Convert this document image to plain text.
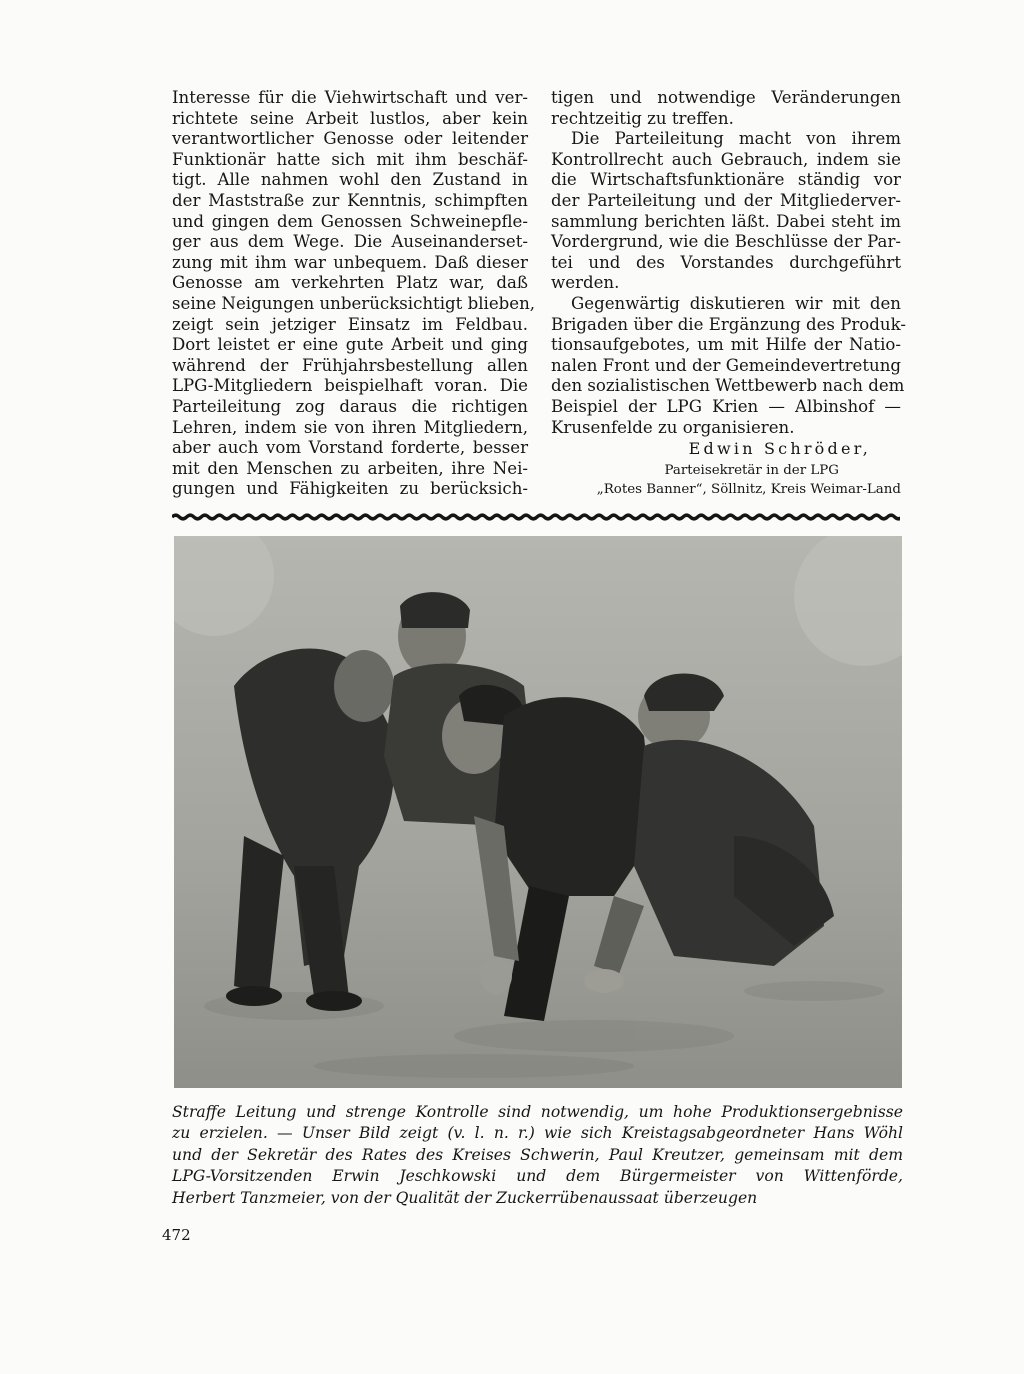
Interesse für die Viehwirtschaft und ver-
richtete seine Arbeit lustlos, aber kein
verantwortlicher Genosse oder leitender
Funktionär hatte sich mit ihm beschäf-
tigt. Alle nahmen wohl den Zustand in
der Maststraße zur Kenntnis, schimpften
und gingen dem Genossen Schweinepfle-
ger aus dem Wege. Die Auseinanderset-
zung mit ihm war unbequem. Daß dieser
Genosse am verkehrten Platz war, daß
seine Neigungen unberücksichtigt blieben,
zeigt sein jetziger Einsatz im Feldbau.
Dort leistet er eine gute Arbeit und ging
während der Frühjahrsbestellung allen
LPG-Mitgliedern beispielhaft voran. Die
Parteileitung zog daraus die richtigen
Lehren, indem sie von ihren Mitgliedern,
aber auch vom Vorstand forderte, besser
mit den Menschen zu arbeiten, ihre Nei-
gungen und Fähigkeiten zu berücksich-
tigen und notwendige Veränderungen
rechtzeitig zu treffen.
Die Parteileitung macht von ihrem
Kontrollrecht auch Gebrauch, indem sie
die Wirtschaftsfunktionäre ständig vor
der Parteileitung und der Mitgliederver-
sammlung berichten läßt. Dabei steht im
Vordergrund, wie die Beschlüsse der Par-
tei und des Vorstandes durchgeführt
werden.
Gegenwärtig diskutieren wir mit den
Brigaden über die Ergänzung des Produk-
tionsaufgebotes, um mit Hilfe der Natio-
nalen Front und der Gemeindevertretung
den sozialistischen Wettbewerb nach dem
Beispiel der LPG Krien — Albinshof —
Krusenfelde zu organisieren.
Edwin Schröder,
Parteisekretär in der LPG
„Rotes Banner“, Söllnitz, Kreis Weimar-Land
Straffe Leitung und strenge Kontrolle sind notwendig, um hohe Produktionsergebnisse
zu erzielen. — Unser Bild zeigt (v. l. n. r.) wie sich Kreistagsabgeordneter Hans Wöhl
und der Sekretär des Rates des Kreises Schwerin, Paul Kreutzer, gemeinsam mit dem
LPG-Vorsitzenden Erwin Jeschkowski und dem Bürgermeister von Wittenförde,
Herbert Tanzmeier, von der Qualität der Zuckerrübenaussaat überzeugen
472
